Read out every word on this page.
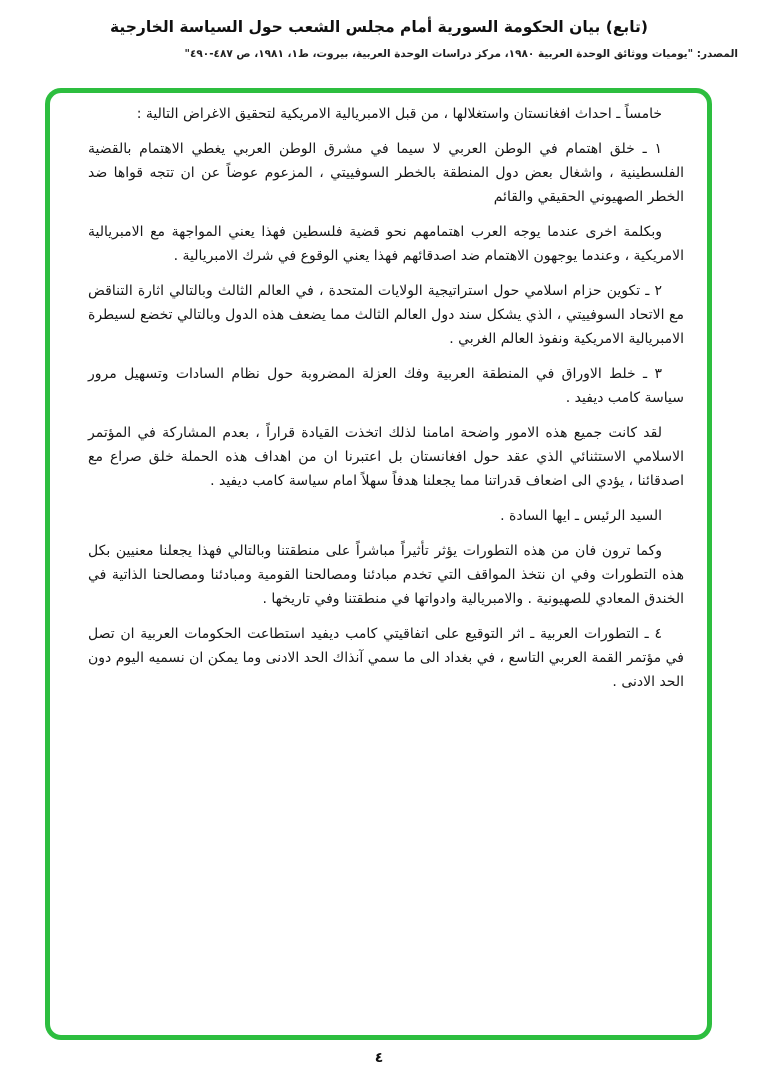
(تابع) بيان الحكومة السورية أمام مجلس الشعب حول السياسة الخارجية
المصدر: "يوميات ووثائق الوحدة العربية ١٩٨٠، مركز دراسات الوحدة العربية، بيروت، ط١، ١٩٨١، ص ٤٨٧-٤٩٠"

خامساً ـ احداث افغانستان واستغلالها ، من قبل الامبريالية الامريكية لتحقيق الاغراض التالية :

١ ـ خلق اهتمام في الوطن العربي لا سيما في مشرق الوطن العربي يغطي الاهتمام بالقضية الفلسطينية ، واشغال بعض دول المنطقة بالخطر السوفييتي ، المزعوم عوضاً عن ان تتجه قواها ضد الخطر الصهيوني الحقيقي والقائم

وبكلمة اخرى عندما يوجه العرب اهتمامهم نحو قضية فلسطين فهذا يعني المواجهة مع الامبريالية الامريكية ، وعندما يوجهون الاهتمام ضد اصدقائهم فهذا يعني الوقوع في شرك الامبريالية .

٢ ـ تكوين حزام اسلامي حول استراتيجية الولايات المتحدة ، في العالم الثالث وبالتالي اثارة التناقض مع الاتحاد السوفييتي ، الذي يشكل سند دول العالم الثالث مما يضعف هذه الدول وبالتالي تخضع لسيطرة الامبريالية الامريكية ونفوذ العالم الغربي .

٣ ـ خلط الاوراق في المنطقة العربية وفك العزلة المضروبة حول نظام السادات وتسهيل مرور سياسة كامب ديفيد .

لقد كانت جميع هذه الامور واضحة امامنا لذلك اتخذت القيادة قراراً ، بعدم المشاركة في المؤتمر الاسلامي الاستثنائي الذي عقد حول افغانستان بل اعتبرنا ان من اهداف هذه الحملة خلق صراع مع اصدقائنا ، يؤدي الى اضعاف قدراتنا مما يجعلنا هدفاً سهلاً امام سياسة كامب ديفيد .

السيد الرئيس ـ ايها السادة .

وكما ترون فان من هذه التطورات يؤثر تأثيراً مباشراً على منطقتنا وبالتالي فهذا يجعلنا معنيين بكل هذه التطورات وفي ان نتخذ المواقف التي تخدم مبادئنا ومصالحنا القومية ومبادئنا ومصالحنا الذاتية في الخندق المعادي للصهيونية . والامبريالية وادواتها في منطقتنا وفي تاريخها .

٤ ـ التطورات العربية ـ اثر التوقيع على اتفاقيتي كامب ديفيد استطاعت الحكومات العربية ان تصل في مؤتمر القمة العربي التاسع ، في بغداد الى ما سمي آنذاك الحد الادنى وما يمكن ان نسميه اليوم دون الحد الادنى .

٤
